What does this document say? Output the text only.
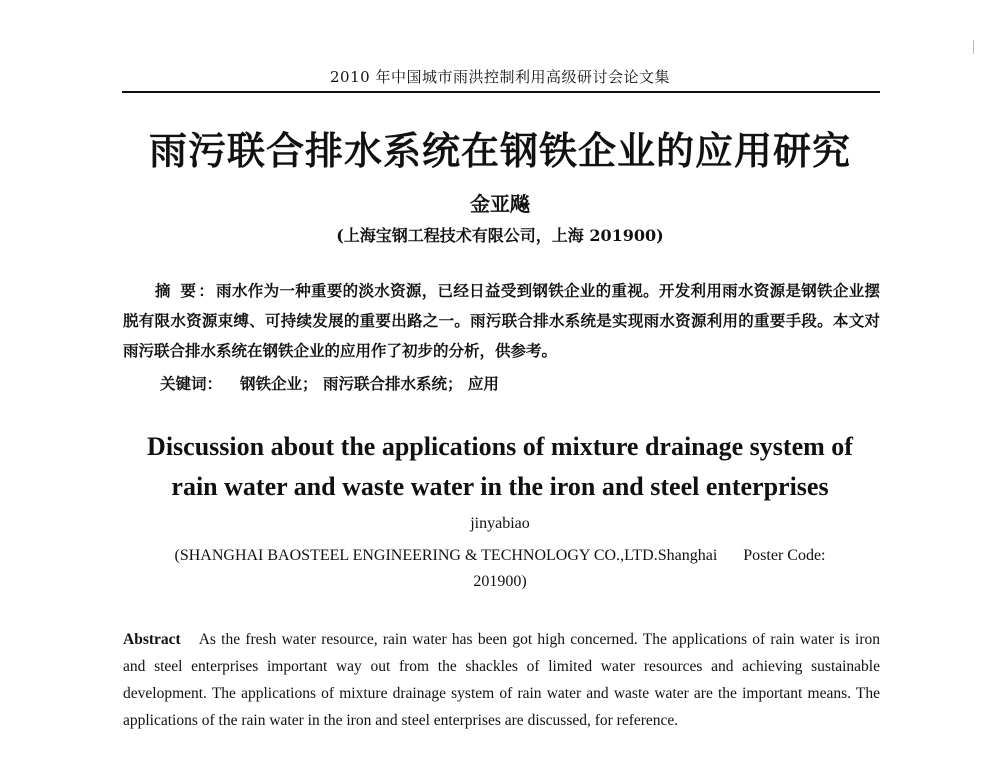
2010 年中国城市雨洪控制利用高级研讨会论文集
雨污联合排水系统在钢铁企业的应用研究
金亚飚
(上海宝钢工程技术有限公司，上海 201900)
摘 要：雨水作为一种重要的淡水资源，已经日益受到钢铁企业的重视。开发利用雨水资源是钢铁企业摆脱有限水资源束缚、可持续发展的重要出路之一。雨污联合排水系统是实现雨水资源利用的重要手段。本文对雨污联合排水系统在钢铁企业的应用作了初步的分析，供参考。
关键词： 钢铁企业； 雨污联合排水系统； 应用
Discussion about the applications of mixture drainage system of
rain water and waste water in the iron and steel enterprises
jinyabiao
(SHANGHAI BAOSTEEL ENGINEERING & TECHNOLOGY CO.,LTD.Shanghai Poster Code:
201900)
Abstract As the fresh water resource, rain water has been got high concerned. The applications of rain water is iron and steel enterprises important way out from the shackles of limited water resources and achieving sustainable development. The applications of mixture drainage system of rain water and waste water are the important means. The applications of the rain water in the iron and steel enterprises are discussed, for reference.
